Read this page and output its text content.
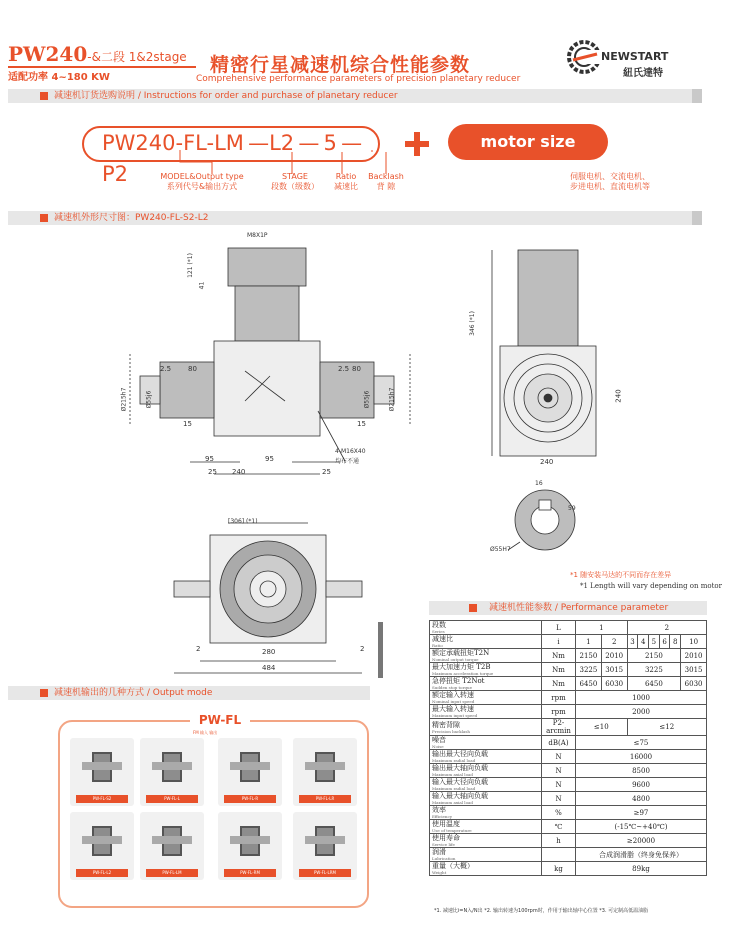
PW240-&二段 1&2stage
适配功率 4~180 KW
精密行星减速机综合性能参数
Comprehensive performance parameters of precision planetary reducer
NEWSTART
紐氏達特
减速机订货选购说明 / Instructions for order and purchase of planetary reducer
PW240-FL-LM —L2 — 5 —P2
motor size
MODEL&Output type
系列代号&输出方式
STAGE
段数（级数）
Ratio
减速比
Backlash
背 隙
伺服电机、交流电机、
步进电机、直流电机等
减速机外形尺寸图：PW240-FL-S2-L2
M8X1P
121 (*1)
41
240
95	95
25	25
2.5	2.5
80	80
15	15
Ø215h7	Ø215h7
Ø55j6	Ø55j6
4-M16X40
均布不通
346 (*1)
240
240
16
59
Ø55H7
[306] (*1)
280
484
2	2
*1 随安装马达的不同而存在差异
*1 Length will vary depending on motor
减速机性能参数 / Performance parameter
段数
Series	L	1		2					
减速比
Ratio	i	1	2	3	4	5	6	8	10
额定承载扭矩T2N
Nominal output torque	Nm	2150	2010	2150					2010
最大加速力矩 T2B
Maximum acceleration torque	Nm	3225	3015	3225					3015
急停扭矩 T2Not
Sudden stop torque	Nm	6450	6030	6450					6030
额定输入转速
Nominal input speed	rpm	1000							
最大输入转速
Maximum input speed	rpm	2000							
精密背隙
Precision backlash	P2-arcmin	≤10		≤12					
噪音
Noise	dB(A)	≤75							
输出最大径向负载
Maximum radial load	N	16000							
输出最大轴向负载
Maximum axial load	N	8500							
输入最大径向负载
Maximum radial load	N	9600							
输入最大轴向负载
Maximum axial load	N	4800							
效率
Efficiency	%	≥97							
使用温度
Use of temperature	℃	(-15℃~+40℃)							
使用寿命
Service life	h	≥20000							
润滑
Lubrication		合成润滑脂（终身免保养）							
重量（大概）
Weight	kg	89kg							
*1. 减速比i=N入/N出 *2. 输出转速为100rpm时，作用于输出轴中心位置 *3. 可定制高低温油脂
减速机输出的几种方式 / Output mode
PW-FL
FM 输入 输出
PW-FL-S2	PW-FL-L	PW-FL-R	PW-FL-LR
PW-FL-L2	PW-FL-LM	PW-FL-RM	PW-FL-LRM
